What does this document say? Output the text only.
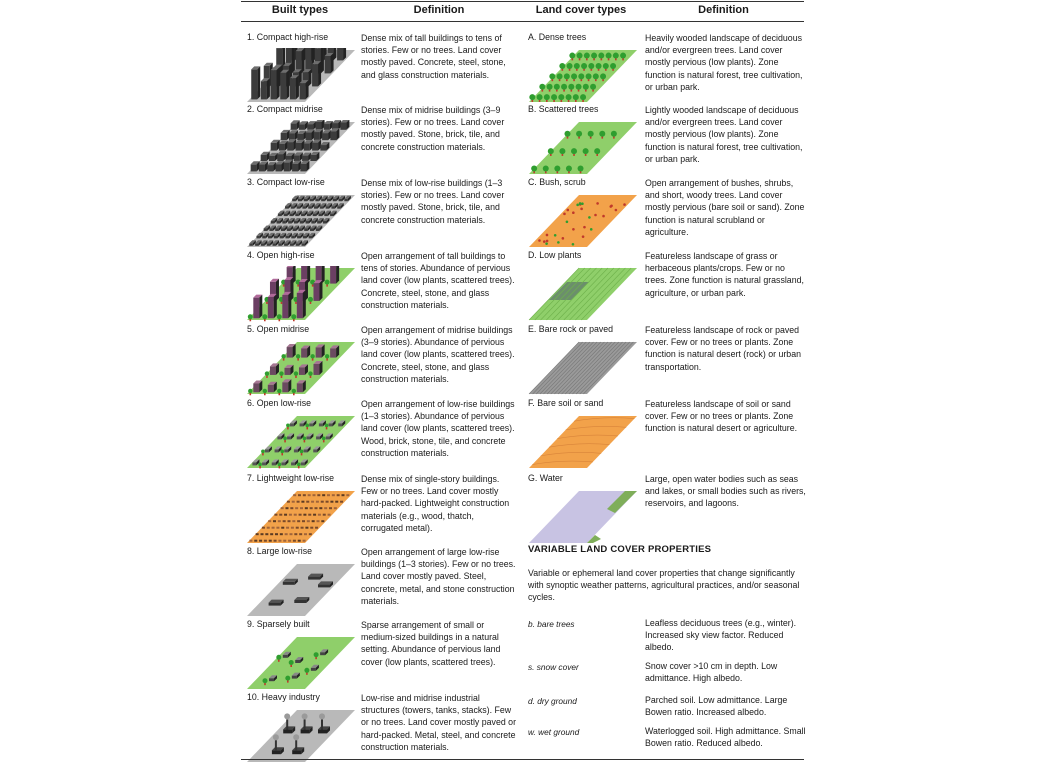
Built types	Definition	Land cover types	Definition
1. Compact high-rise	Dense mix of tall buildings to tens of stories. Few or no trees. Land cover mostly paved. Concrete, steel, stone, and glass construction materials.
2. Compact midrise	Dense mix of midrise buildings (3–9 stories). Few or no trees. Land cover mostly paved. Stone, brick, tile, and concrete construction materials.
3. Compact low-rise	Dense mix of low-rise buildings (1–3 stories). Few or no trees. Land cover mostly paved. Stone, brick, tile, and concrete construction materials.
4. Open high-rise	Open arrangement of tall buildings to tens of stories. Abundance of pervious land cover (low plants, scattered trees). Concrete, steel, stone, and glass construction materials.
5. Open midrise	Open arrangement of midrise buildings (3–9 stories). Abundance of pervious land cover (low plants, scattered trees). Concrete, steel, stone, and glass construction materials.
6. Open low-rise	Open arrangement of low-rise buildings (1–3 stories). Abundance of pervious land cover (low plants, scattered trees). Wood, brick, stone, tile, and concrete construction materials.
7. Lightweight low-rise	Dense mix of single-story buildings. Few or no trees. Land cover mostly hard-packed. Lightweight construction materials (e.g., wood, thatch, corrugated metal).
8. Large low-rise	Open arrangement of large low-rise buildings (1–3 stories). Few or no trees. Land cover mostly paved. Steel, concrete, metal, and stone construction materials.
9. Sparsely built	Sparse arrangement of small or medium-sized buildings in a natural setting. Abundance of pervious land cover (low plants, scattered trees).
10. Heavy industry	Low-rise and midrise industrial structures (towers, tanks, stacks). Few or no trees. Land cover mostly paved or hard-packed. Metal, steel, and concrete construction materials.
A. Dense trees	Heavily wooded landscape of deciduous and/or evergreen trees. Land cover mostly pervious (low plants). Zone function is natural forest, tree cultivation, or urban park.
B. Scattered trees	Lightly wooded landscape of deciduous and/or evergreen trees. Land cover mostly pervious (low plants). Zone function is natural forest, tree cultivation, or urban park.
C. Bush, scrub	Open arrangement of bushes, shrubs, and short, woody trees. Land cover mostly pervious (bare soil or sand). Zone function is natural scrubland or agriculture.
D. Low plants	Featureless landscape of grass or herbaceous plants/crops. Few or no trees. Zone function is natural grassland, agriculture, or urban park.
E. Bare rock or paved	Featureless landscape of rock or paved cover. Few or no trees or plants. Zone function is natural desert (rock) or urban transportation.
F. Bare soil or sand	Featureless landscape of soil or sand cover. Few or no trees or plants. Zone function is natural desert or agriculture.
G. Water	Large, open water bodies such as seas and lakes, or small bodies such as rivers, reservoirs, and lagoons.
VARIABLE LAND COVER PROPERTIES
Variable or ephemeral land cover properties that change significantly with synoptic weather patterns, agricultural practices, and/or seasonal cycles.
b. bare trees	Leafless deciduous trees (e.g., winter). Increased sky view factor. Reduced albedo.
s. snow cover	Snow cover >10 cm in depth. Low admittance. High albedo.
d. dry ground	Parched soil. Low admittance. Large Bowen ratio. Increased albedo.
w. wet ground	Waterlogged soil. High admittance. Small Bowen ratio. Reduced albedo.
